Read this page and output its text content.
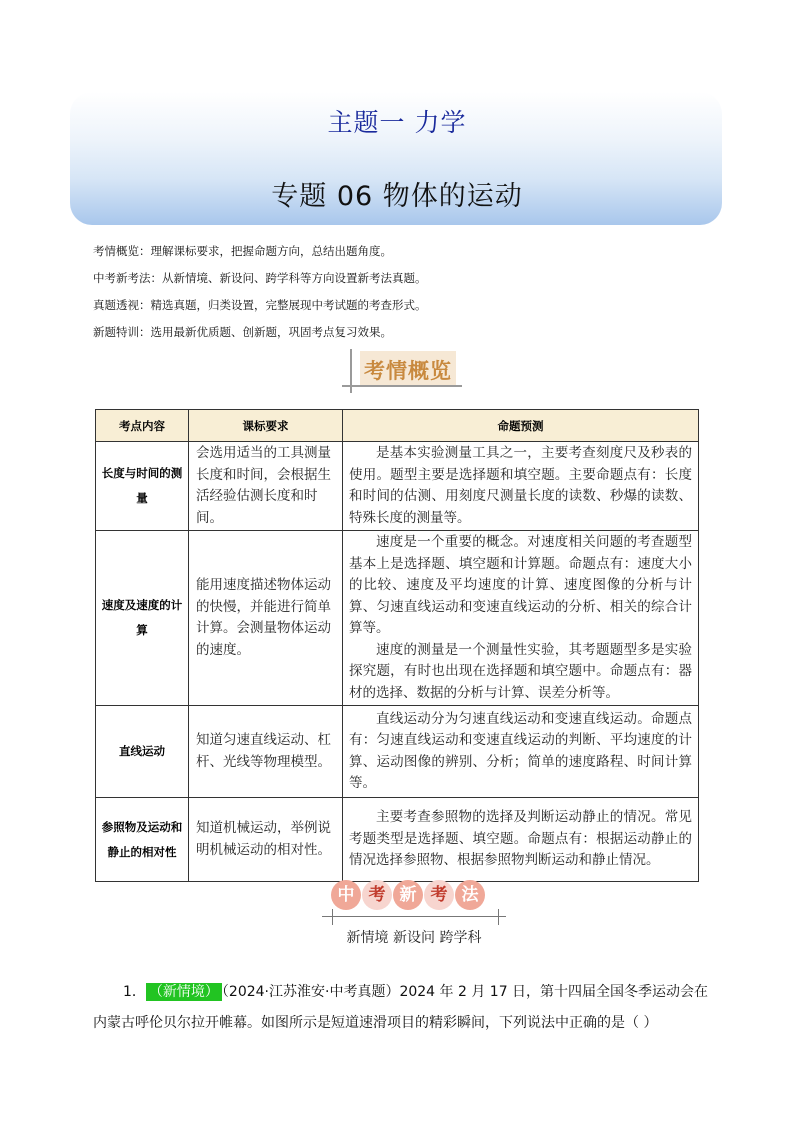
主题一 力学
专题 06 物体的运动
考情概览：理解课标要求，把握命题方向，总结出题角度。
中考新考法：从新情境、新设问、跨学科等方向设置新考法真题。
真题透视：精选真题，归类设置，完整展现中考试题的考查形式。
新题特训：选用最新优质题、创新题，巩固考点复习效果。
考情概览
考点内容	课标要求	命题预测
长度与时间的测量	会选用适当的工具测量长度和时间，会根据生活经验估测长度和时间。	是基本实验测量工具之一，主要考查刻度尺及秒表的使用。题型主要是选择题和填空题。主要命题点有：长度和时间的估测、用刻度尺测量长度的读数、秒爆的读数、特殊长度的测量等。

速度及速度的计算	能用速度描述物体运动的快慢，并能进行简单计算。会测量物体运动的速度。	速度是一个重要的概念。对速度相关问题的考查题型基本上是选择题、填空题和计算题。命题点有：速度大小的比较、速度及平均速度的计算、速度图像的分析与计算、匀速直线运动和变速直线运动的分析、相关的综合计算等。

速度的测量是一个测量性实验，其考题题型多是实验探究题，有时也出现在选择题和填空题中。命题点有：器材的选择、数据的分析与计算、误差分析等。

直线运动	知道匀速直线运动、杠杆、光线等物理模型。	直线运动分为匀速直线运动和变速直线运动。命题点有：匀速直线运动和变速直线运动的判断、平均速度的计算、运动图像的辨别、分析；简单的速度路程、时间计算等。

参照物及运动和静止的相对性	知道机械运动，举例说明机械运动的相对性。	主要考查参照物的选择及判断运动静止的情况。常见考题类型是选择题、填空题。命题点有：根据运动静止的情况选择参照物、根据参照物判断运动和静止情况。

中 考 新 考 法
新情境 新设问 跨学科
1． （新情境） （2024·江苏淮安·中考真题）2024 年 2 月 17 日，第十四届全国冬季运动会在内蒙古呼伦贝尔拉开帷幕。如图所示是短道速滑项目的精彩瞬间，下列说法中正确的是（ ）
